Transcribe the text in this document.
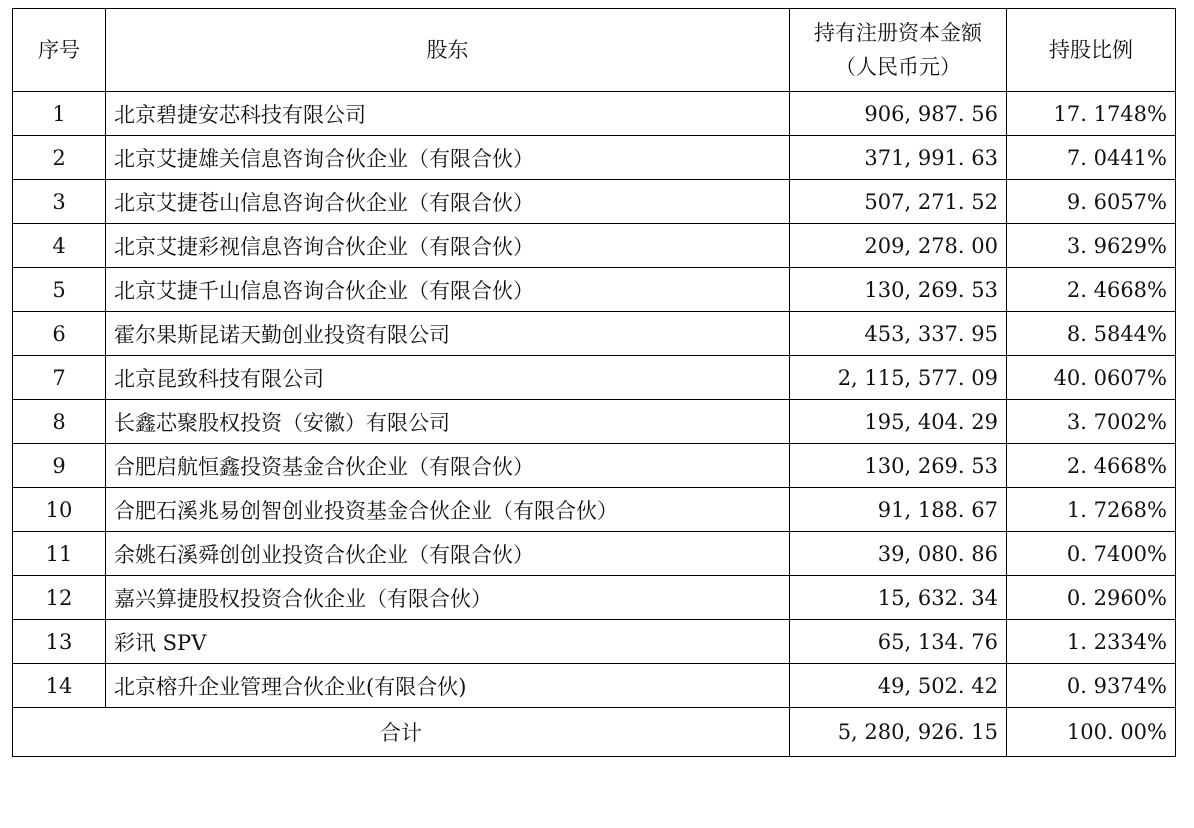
序号	股东	持有注册资本金额（人民币元）	持股比例
1	北京碧捷安芯科技有限公司	906, 987. 56	17. 1748%
2	北京艾捷雄关信息咨询合伙企业（有限合伙）	371, 991. 63	7. 0441%
3	北京艾捷苍山信息咨询合伙企业（有限合伙）	507, 271. 52	9. 6057%
4	北京艾捷彩视信息咨询合伙企业（有限合伙）	209, 278. 00	3. 9629%
5	北京艾捷千山信息咨询合伙企业（有限合伙）	130, 269. 53	2. 4668%
6	霍尔果斯昆诺天勤创业投资有限公司	453, 337. 95	8. 5844%
7	北京昆致科技有限公司	2, 115, 577. 09	40. 0607%
8	长鑫芯聚股权投资（安徽）有限公司	195, 404. 29	3. 7002%
9	合肥启航恒鑫投资基金合伙企业（有限合伙）	130, 269. 53	2. 4668%
10	合肥石溪兆易创智创业投资基金合伙企业（有限合伙）	91, 188. 67	1. 7268%
11	余姚石溪舜创创业投资合伙企业（有限合伙）	39, 080. 86	0. 7400%
12	嘉兴算捷股权投资合伙企业（有限合伙）	15, 632. 34	0. 2960%
13	彩讯 SPV	65, 134. 76	1. 2334%
14	北京榕升企业管理合伙企业(有限合伙)	49, 502. 42	0. 9374%
合计		5, 280, 926. 15	100. 00%
